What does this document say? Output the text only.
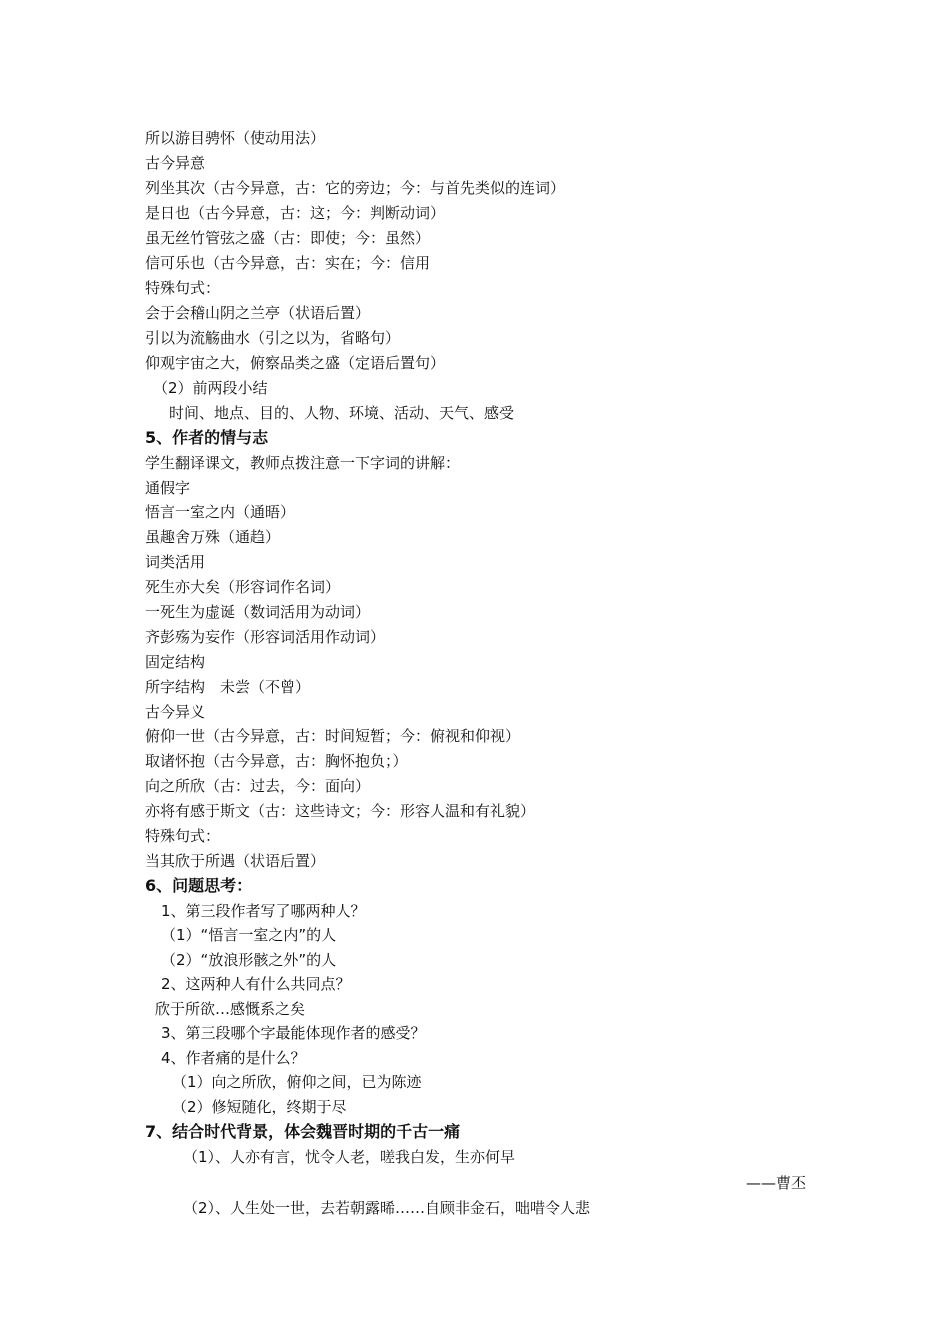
所以游目骋怀（使动用法）
古今异意
列坐其次（古今异意，古：它的旁边；今：与首先类似的连词）
是日也（古今异意，古：这；今：判断动词）
虽无丝竹管弦之盛（古：即使；今：虽然）
信可乐也（古今异意，古：实在；今：信用
特殊句式：
会于会稽山阴之兰亭（状语后置）
引以为流觞曲水（引之以为，省略句）
仰观宇宙之大，俯察品类之盛（定语后置句）
（2）前两段小结
时间、地点、目的、人物、环境、活动、天气、感受
5、作者的情与志
学生翻译课文，教师点拨注意一下字词的讲解：
通假字
悟言一室之内（通晤）
虽趣舍万殊（通趋）
词类活用
死生亦大矣（形容词作名词）
一死生为虚诞（数词活用为动词）
齐彭殇为妄作（形容词活用作动词）
固定结构
所字结构　未尝（不曾）
古今异义
俯仰一世（古今异意，古：时间短暂；今：俯视和仰视）
取诸怀抱（古今异意，古：胸怀抱负；）
向之所欣（古：过去，今：面向）
亦将有感于斯文（古：这些诗文；今：形容人温和有礼貌）
特殊句式：
当其欣于所遇（状语后置）
6、问题思考：
1、第三段作者写了哪两种人？
（1）“悟言一室之内”的人
（2）“放浪形骸之外”的人
2、这两种人有什么共同点？
欣于所欲…感慨系之矣
3、第三段哪个字最能体现作者的感受？
4、作者痛的是什么？
（1）向之所欣，俯仰之间，已为陈迹
（2）修短随化，终期于尽
7、结合时代背景，体会魏晋时期的千古一痛
（1）、人亦有言，忧令人老，嗟我白发，生亦何早
——曹丕
（2）、人生处一世，去若朝露晞……自顾非金石，咄唶令人悲
